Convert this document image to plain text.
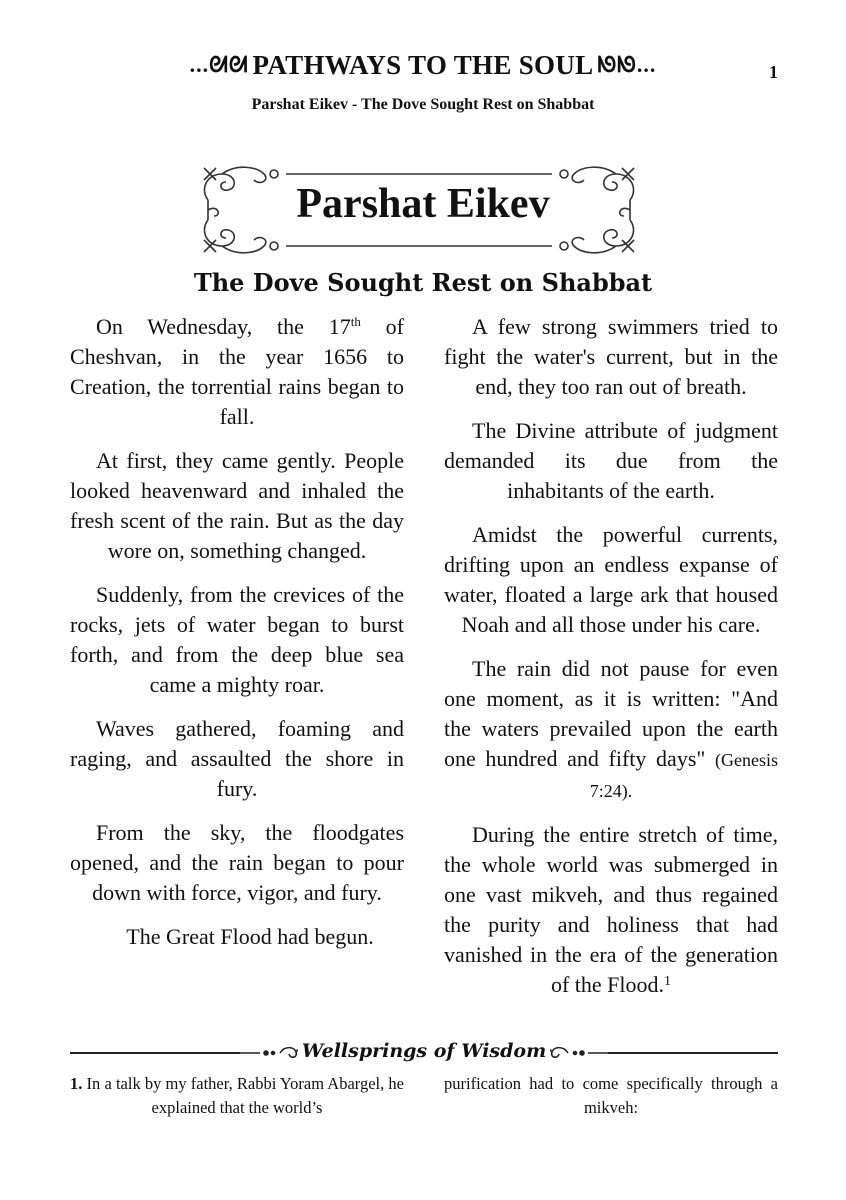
...ᘛᘛ PATHWAYS TO THE SOUL ᘚᘚ...	1
Parshat Eikev - The Dove Sought Rest on Shabbat
Parshat Eikev
The Dove Sought Rest on Shabbat

On Wednesday, the 17th of Cheshvan, in the year 1656 to Creation, the torrential rains began to fall.

At first, they came gently. People looked heavenward and inhaled the fresh scent of the rain. But as the day wore on, something changed.

Suddenly, from the crevices of the rocks, jets of water began to burst forth, and from the deep blue sea came a mighty roar.

Waves gathered, foaming and raging, and assaulted the shore in fury.

From the sky, the floodgates opened, and the rain began to pour down with force, vigor, and fury.

The Great Flood had begun.

A few strong swimmers tried to fight the water's current, but in the end, they too ran out of breath.

The Divine attribute of judgment demanded its due from the inhabitants of the earth.

Amidst the powerful currents, drifting upon an endless expanse of water, floated a large ark that housed Noah and all those under his care.

The rain did not pause for even one moment, as it is written: "And the waters prevailed upon the earth one hundred and fifty days" (Genesis 7:24).

During the entire stretch of time, the whole world was submerged in one vast mikveh, and thus regained the purity and holiness that had vanished in the era of the generation of the Flood.$^1$

Wellsprings of Wisdom

1. In a talk by my father, Rabbi Yoram Abargel, he explained that the world’s

purification had to come specifically through a mikveh:
